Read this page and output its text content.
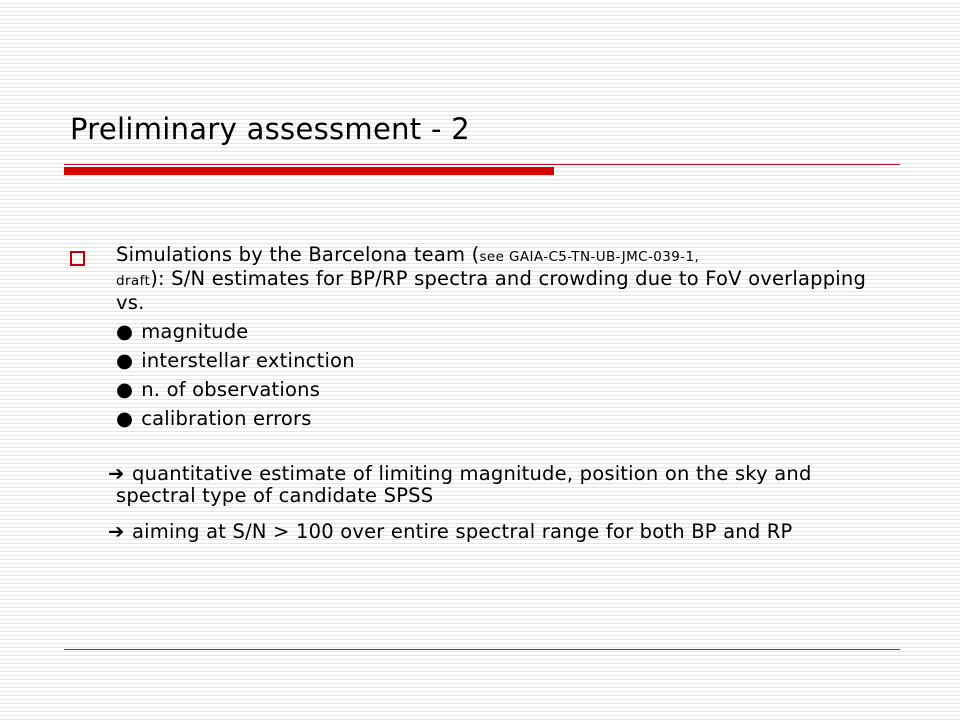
Preliminary assessment - 2
Simulations by the Barcelona team (see GAIA-C5-TN-UB-JMC-039-1,
draft): S/N estimates for BP/RP spectra and crowding due to FoV overlapping vs.
● magnitude
● interstellar extinction
● n. of observations
● calibration errors
➔ quantitative estimate of limiting magnitude, position on the sky and spectral type of candidate SPSS
➔ aiming at S/N > 100 over entire spectral range for both BP and RP
